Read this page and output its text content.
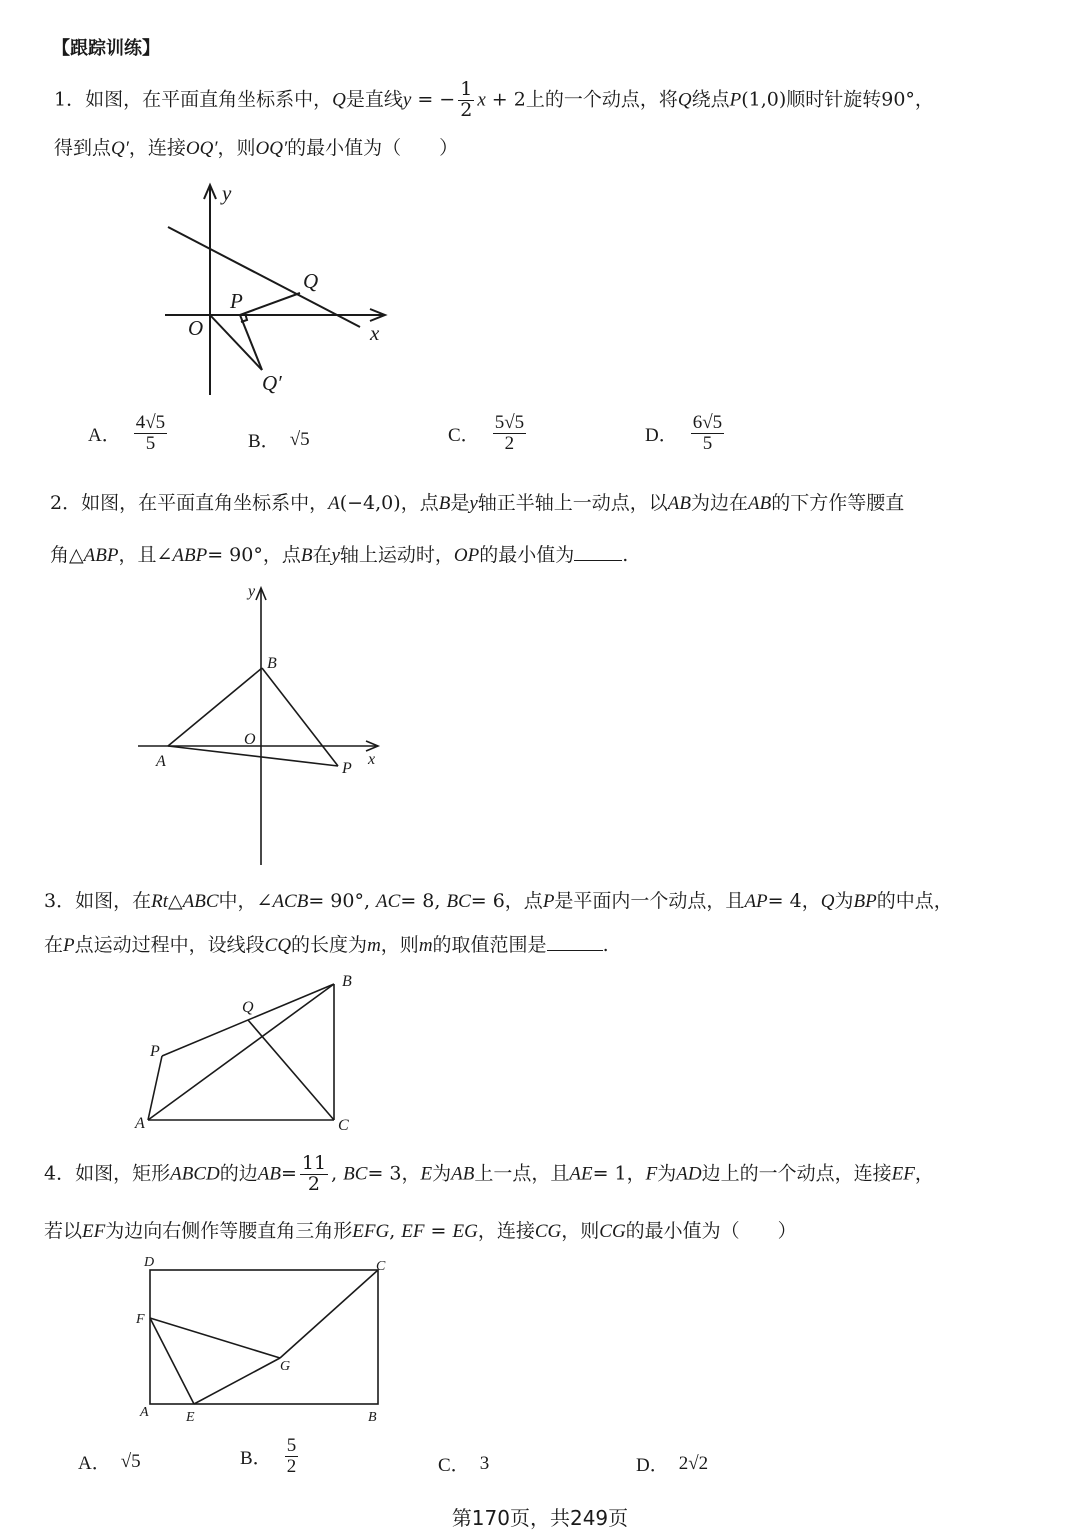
【跟踪训练】
1．如图，在平面直角坐标系中，Q是直线y = − $\frac{1}{2}$ x + 2上的一个动点，将Q绕点P(1,0)顺时针旋转90°，
得到点Q′，连接OQ′，则OQ′的最小值为（　　）
y
Q
P
O	x
Q′
A． $\frac{4√5}{5}$	B． √5	C． $\frac{5√5}{2}$	D． $\frac{6√5}{5}$
2．如图，在平面直角坐标系中，A(−4,0)，点B是y轴正半轴上一动点，以AB为边在AB的下方作等腰直
角△ABP，且∠ABP= 90°，点B在y轴上运动时，OP的最小值为	.
y
B
O
A	P
x
3．如图，在Rt△ABC中，∠ACB= 90°, AC= 8, BC= 6，点P是平面内一个动点，且AP= 4，Q为BP的中点，
在P点运动过程中，设线段CQ的长度为m，则m的取值范围是	.
B
Q
P
A	C
4．如图，矩形ABCD的边$AB= \frac{11}{2}$ , BC= 3，E为AB上一点，且AE= 1，F为AD边上的一个动点，连接EF，
若以EF为边向右侧作等腰直角三角形EFG, EF = EG，连接CG，则CG的最小值为（　　）
D	C
F
G
A	E	B
A． √5	B． $\frac{5}{2}$	C． 3	D． 2√2
第170页，共249页
